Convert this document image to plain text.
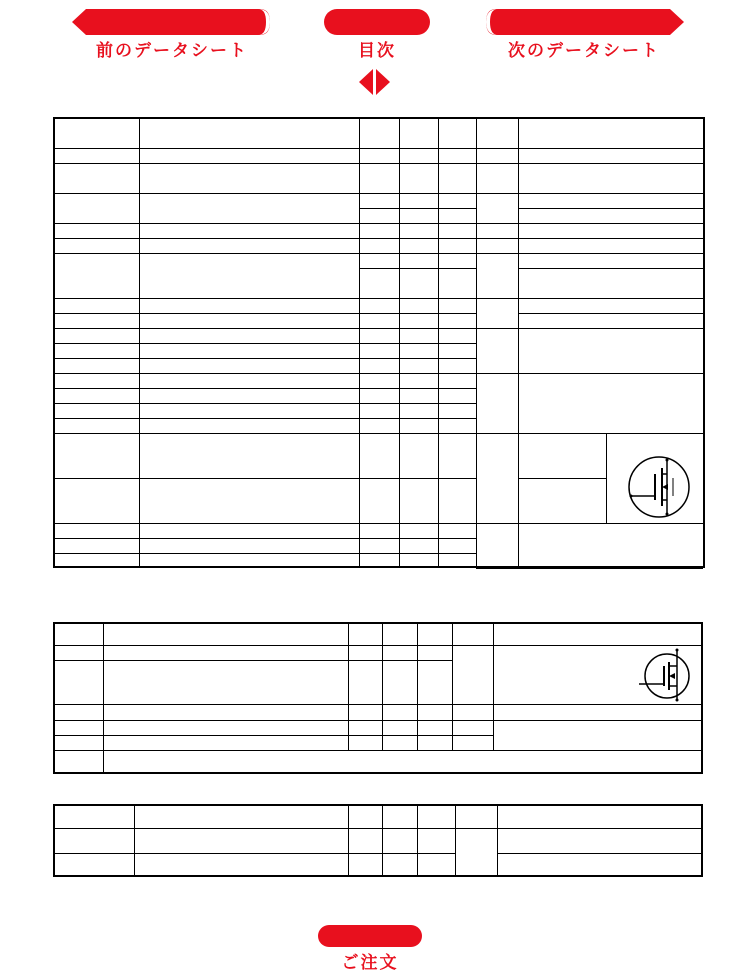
前のデータシート	目次	次のデータシート

ご注文
